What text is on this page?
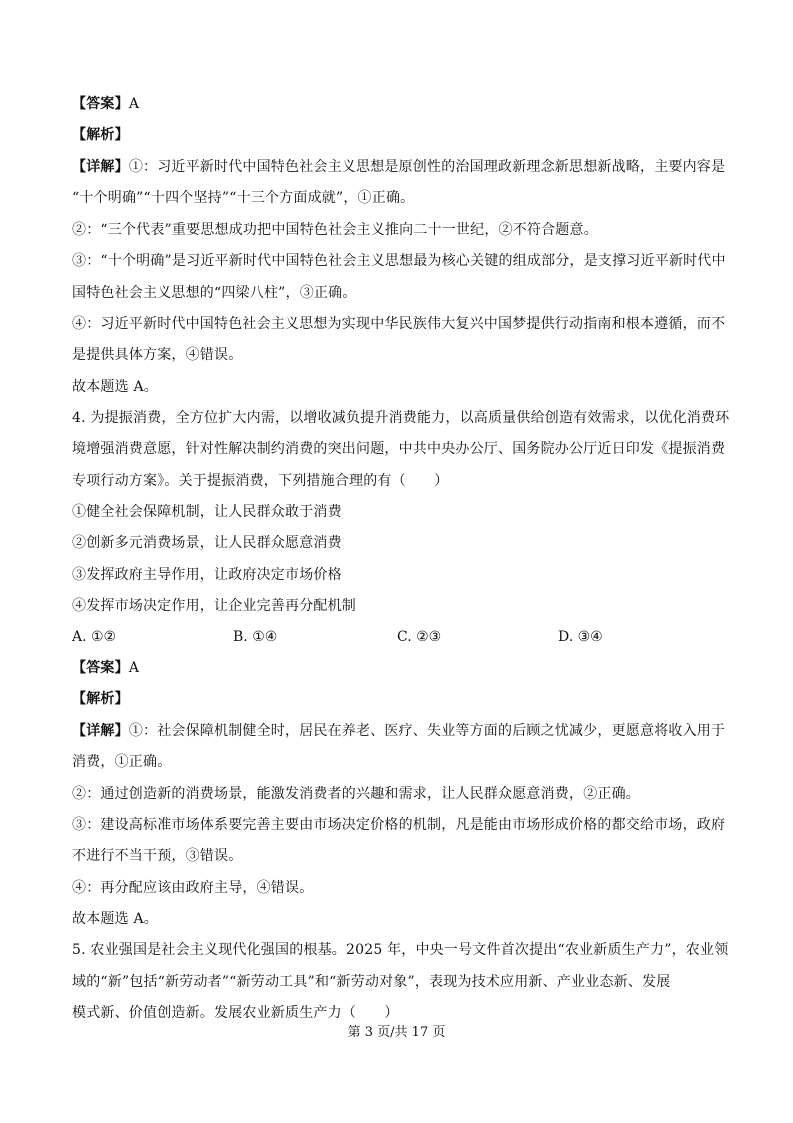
【答案】A
【解析】
【详解】①：习近平新时代中国特色社会主义思想是原创性的治国理政新理念新思想新战略，主要内容是
“十个明确”“十四个坚持”“十三个方面成就”，①正确。
②：“三个代表”重要思想成功把中国特色社会主义推向二十一世纪，②不符合题意。
③：“十个明确”是习近平新时代中国特色社会主义思想最为核心关键的组成部分，是支撑习近平新时代中
国特色社会主义思想的“四梁八柱”，③正确。
④：习近平新时代中国特色社会主义思想为实现中华民族伟大复兴中国梦提供行动指南和根本遵循，而不
是提供具体方案，④错误。
故本题选 A。
4. 为提振消费，全方位扩大内需，以增收减负提升消费能力，以高质量供给创造有效需求，以优化消费环
境增强消费意愿，针对性解决制约消费的突出问题，中共中央办公厅、国务院办公厅近日印发《提振消费
专项行动方案》。关于提振消费，下列措施合理的有（　　）
①健全社会保障机制，让人民群众敢于消费
②创新多元消费场景，让人民群众愿意消费
③发挥政府主导作用，让政府决定市场价格
④发挥市场决定作用，让企业完善再分配机制
A. ①②	B. ①④	C. ②③	D. ③④
【答案】A
【解析】
【详解】①：社会保障机制健全时，居民在养老、医疗、失业等方面的后顾之忧减少，更愿意将收入用于
消费，①正确。
②：通过创造新的消费场景，能激发消费者的兴趣和需求，让人民群众愿意消费，②正确。
③：建设高标准市场体系要完善主要由市场决定价格的机制，凡是能由市场形成价格的都交给市场，政府
不进行不当干预，③错误。
④：再分配应该由政府主导，④错误。
故本题选 A。
5. 农业强国是社会主义现代化强国的根基。2025 年，中央一号文件首次提出“农业新质生产力”，农业领
域的“新”包括“新劳动者”“新劳动工具”和“新劳动对象”，表现为技术应用新、产业业态新、发展
模式新、价值创造新。发展农业新质生产力（　　）
第 3 页/共 17 页
